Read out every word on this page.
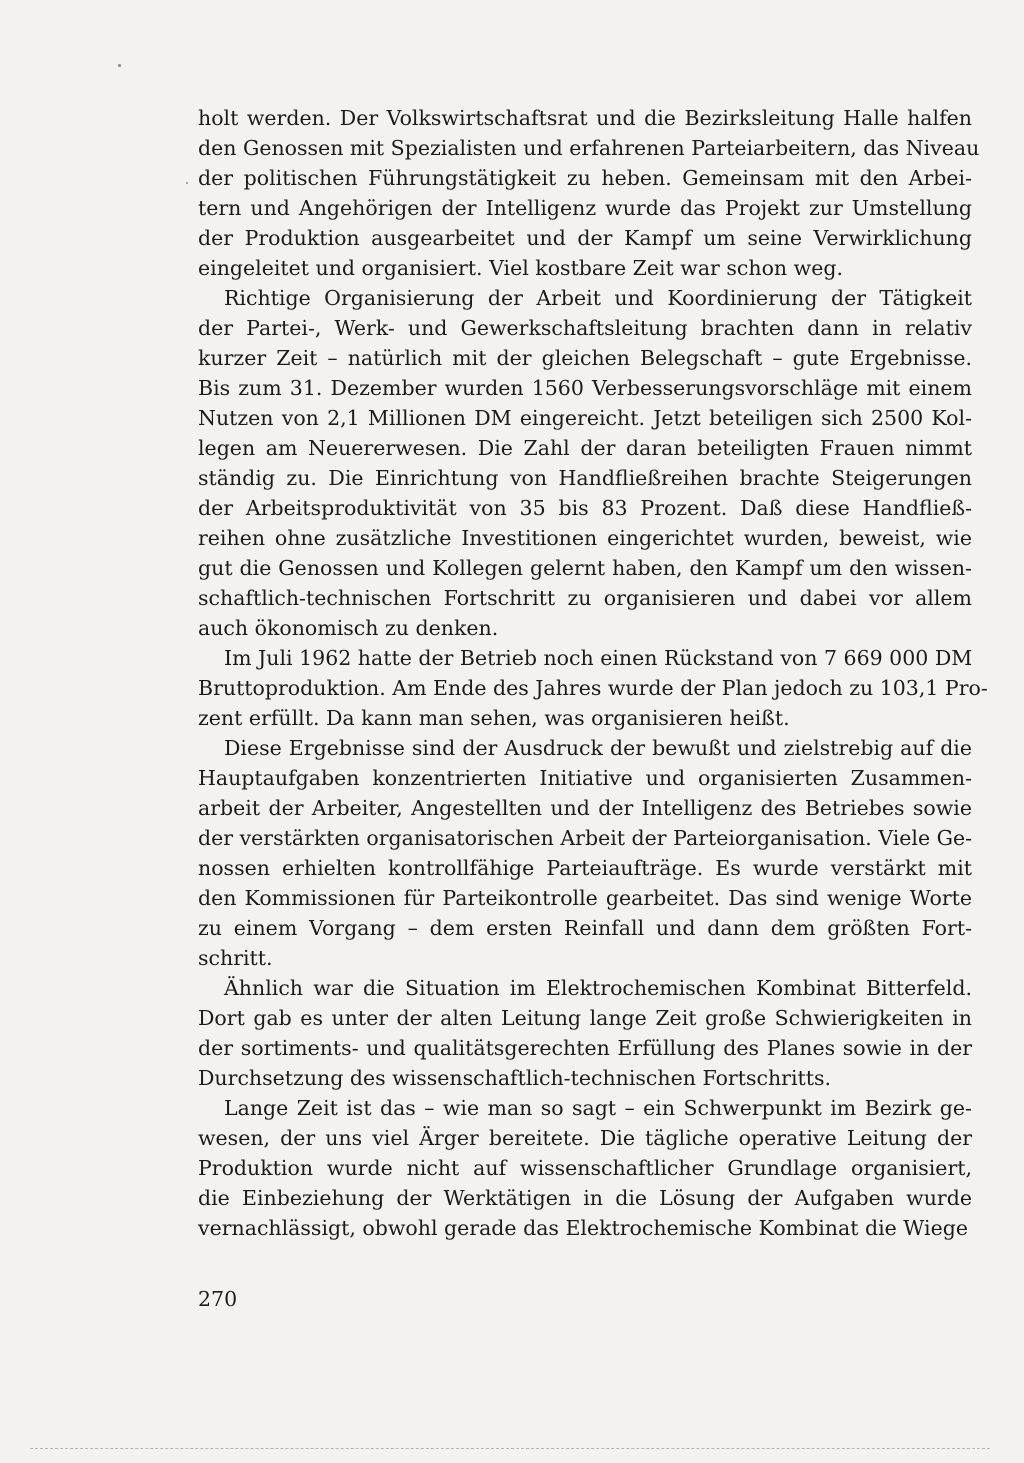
holt werden. Der Volkswirtschaftsrat und die Bezirksleitung Halle halfen
den Genossen mit Spezialisten und erfahrenen Parteiarbeitern, das Niveau
der politischen Führungstätigkeit zu heben. Gemeinsam mit den Arbei-
tern und Angehörigen der Intelligenz wurde das Projekt zur Umstellung
der Produktion ausgearbeitet und der Kampf um seine Verwirklichung
eingeleitet und organisiert. Viel kostbare Zeit war schon weg.
Richtige Organisierung der Arbeit und Koordinierung der Tätigkeit
der Partei-, Werk- und Gewerkschaftsleitung brachten dann in relativ
kurzer Zeit – natürlich mit der gleichen Belegschaft – gute Ergebnisse.
Bis zum 31. Dezember wurden 1560 Verbesserungsvorschläge mit einem
Nutzen von 2,1 Millionen DM eingereicht. Jetzt beteiligen sich 2500 Kol-
legen am Neuererwesen. Die Zahl der daran beteiligten Frauen nimmt
ständig zu. Die Einrichtung von Handfließreihen brachte Steigerungen
der Arbeitsproduktivität von 35 bis 83 Prozent. Daß diese Handfließ-
reihen ohne zusätzliche Investitionen eingerichtet wurden, beweist, wie
gut die Genossen und Kollegen gelernt haben, den Kampf um den wissen-
schaftlich-technischen Fortschritt zu organisieren und dabei vor allem
auch ökonomisch zu denken.
Im Juli 1962 hatte der Betrieb noch einen Rückstand von 7 669 000 DM
Bruttoproduktion. Am Ende des Jahres wurde der Plan jedoch zu 103,1 Pro-
zent erfüllt. Da kann man sehen, was organisieren heißt.
Diese Ergebnisse sind der Ausdruck der bewußt und zielstrebig auf die
Hauptaufgaben konzentrierten Initiative und organisierten Zusammen-
arbeit der Arbeiter, Angestellten und der Intelligenz des Betriebes sowie
der verstärkten organisatorischen Arbeit der Parteiorganisation. Viele Ge-
nossen erhielten kontrollfähige Parteiaufträge. Es wurde verstärkt mit
den Kommissionen für Parteikontrolle gearbeitet. Das sind wenige Worte
zu einem Vorgang – dem ersten Reinfall und dann dem größten Fort-
schritt.
Ähnlich war die Situation im Elektrochemischen Kombinat Bitterfeld.
Dort gab es unter der alten Leitung lange Zeit große Schwierigkeiten in
der sortiments- und qualitätsgerechten Erfüllung des Planes sowie in der
Durchsetzung des wissenschaftlich-technischen Fortschritts.
Lange Zeit ist das – wie man so sagt – ein Schwerpunkt im Bezirk ge-
wesen, der uns viel Ärger bereitete. Die tägliche operative Leitung der
Produktion wurde nicht auf wissenschaftlicher Grundlage organisiert,
die Einbeziehung der Werktätigen in die Lösung der Aufgaben wurde
vernachlässigt, obwohl gerade das Elektrochemische Kombinat die Wiege
270
